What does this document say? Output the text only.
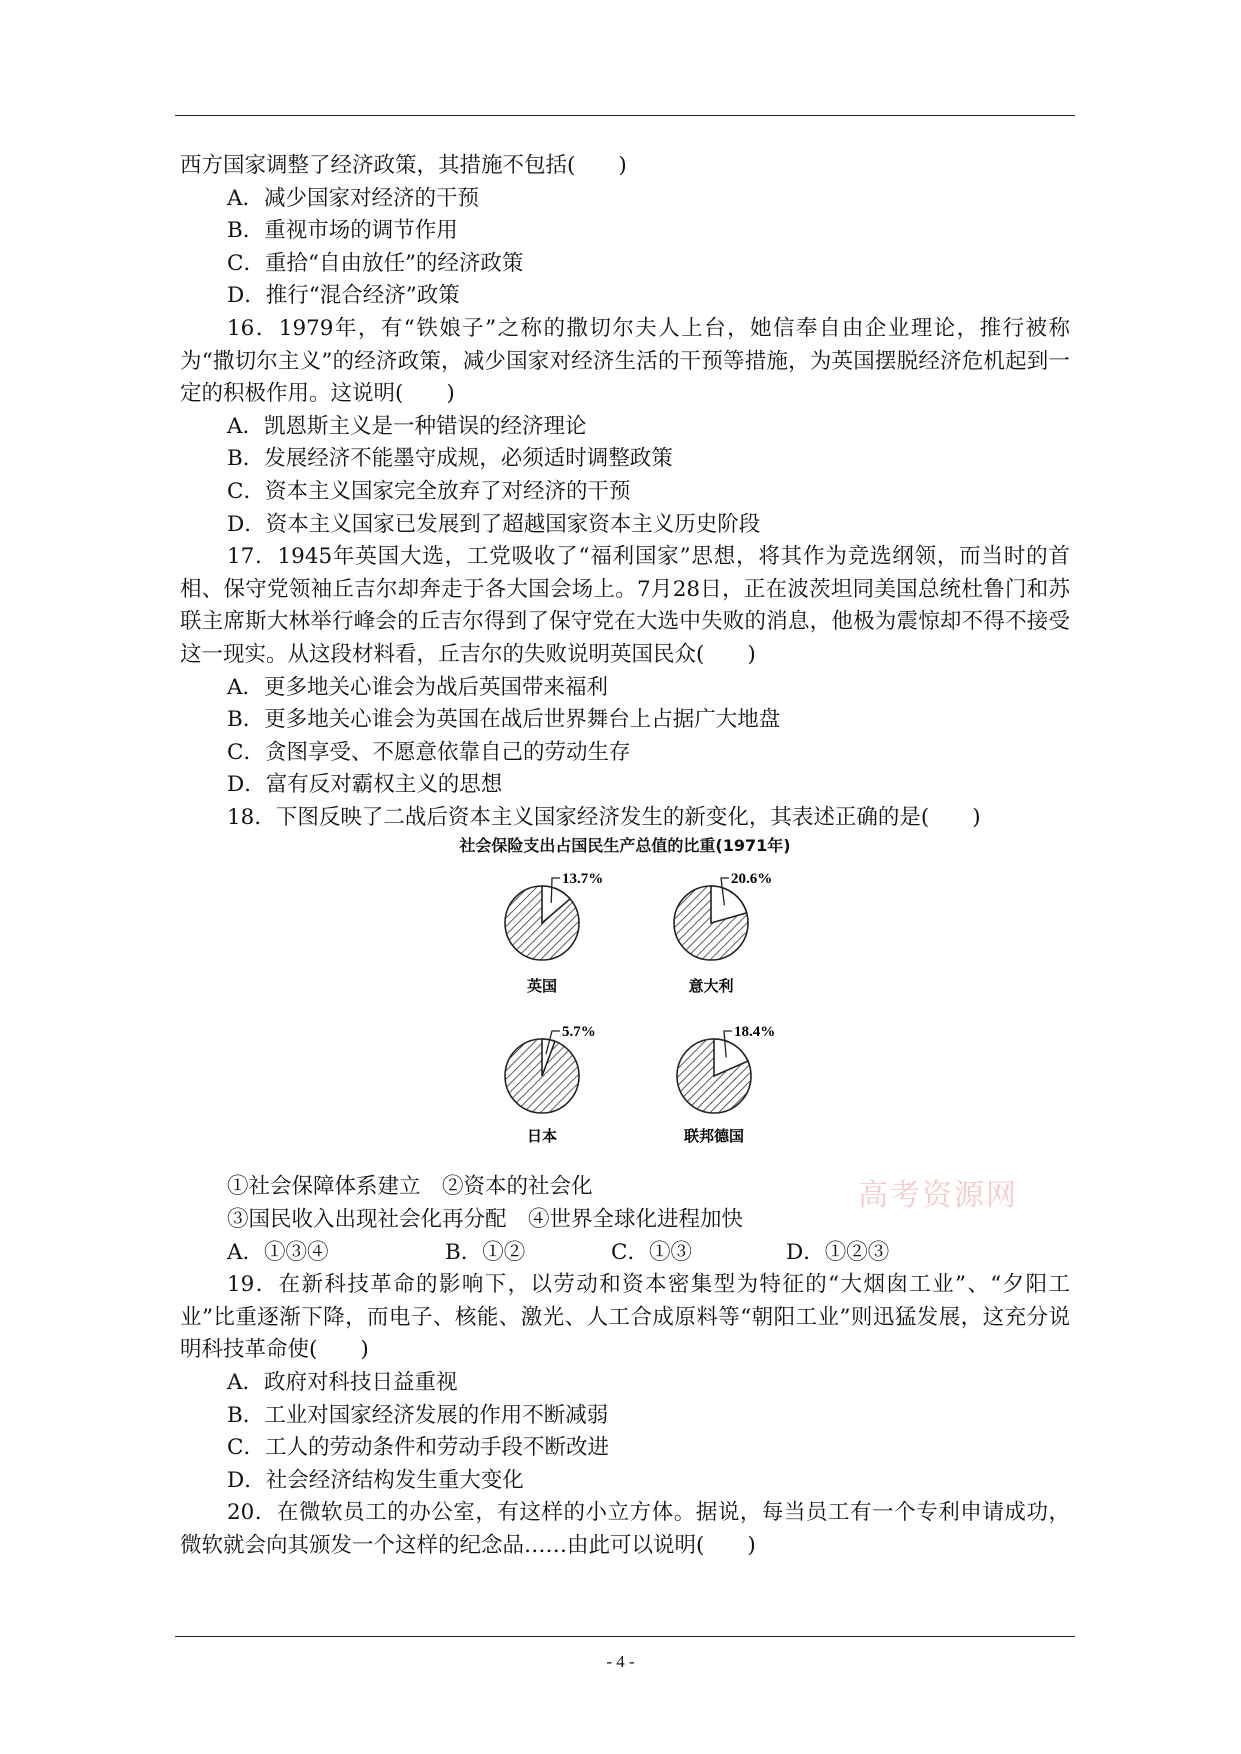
西方国家调整了经济政策，其措施不包括(　　)
A．减少国家对经济的干预
B．重视市场的调节作用
C．重拾“自由放任”的经济政策
D．推行“混合经济”政策
16．1979年，有“铁娘子”之称的撒切尔夫人上台，她信奉自由企业理论，推行被称为“撒切尔主义”的经济政策，减少国家对经济生活的干预等措施，为英国摆脱经济危机起到一定的积极作用。这说明(　　)
A．凯恩斯主义是一种错误的经济理论
B．发展经济不能墨守成规，必须适时调整政策
C．资本主义国家完全放弃了对经济的干预
D．资本主义国家已发展到了超越国家资本主义历史阶段
17．1945年英国大选，工党吸收了“福利国家”思想，将其作为竞选纲领，而当时的首相、保守党领袖丘吉尔却奔走于各大国会场上。7月28日，正在波茨坦同美国总统杜鲁门和苏联主席斯大林举行峰会的丘吉尔得到了保守党在大选中失败的消息，他极为震惊却不得不接受这一现实。从这段材料看，丘吉尔的失败说明英国民众(　　)
A．更多地关心谁会为战后英国带来福利
B．更多地关心谁会为英国在战后世界舞台上占据广大地盘
C．贪图享受、不愿意依靠自己的劳动生存
D．富有反对霸权主义的思想
18．下图反映了二战后资本主义国家经济发生的新变化，其表述正确的是(　　)
社会保险支出占国民生产总值的比重(1971年)
13.7%
英国
20.6%
意大利
5.7%
日本
18.4%
联邦德国
①社会保障体系建立　②资本的社会化
③国民收入出现社会化再分配　④世界全球化进程加快
A．①③④	B．①②	C．①③	D．①②③
19．在新科技革命的影响下，以劳动和资本密集型为特征的“大烟囱工业”、“夕阳工业”比重逐渐下降，而电子、核能、激光、人工合成原料等“朝阳工业”则迅猛发展，这充分说明科技革命使(　　)
A．政府对科技日益重视
B．工业对国家经济发展的作用不断减弱
C．工人的劳动条件和劳动手段不断改进
D．社会经济结构发生重大变化
20．在微软员工的办公室，有这样的小立方体。据说，每当员工有一个专利申请成功，微软就会向其颁发一个这样的纪念品……由此可以说明(　　)
高考资源网
- 4 -
